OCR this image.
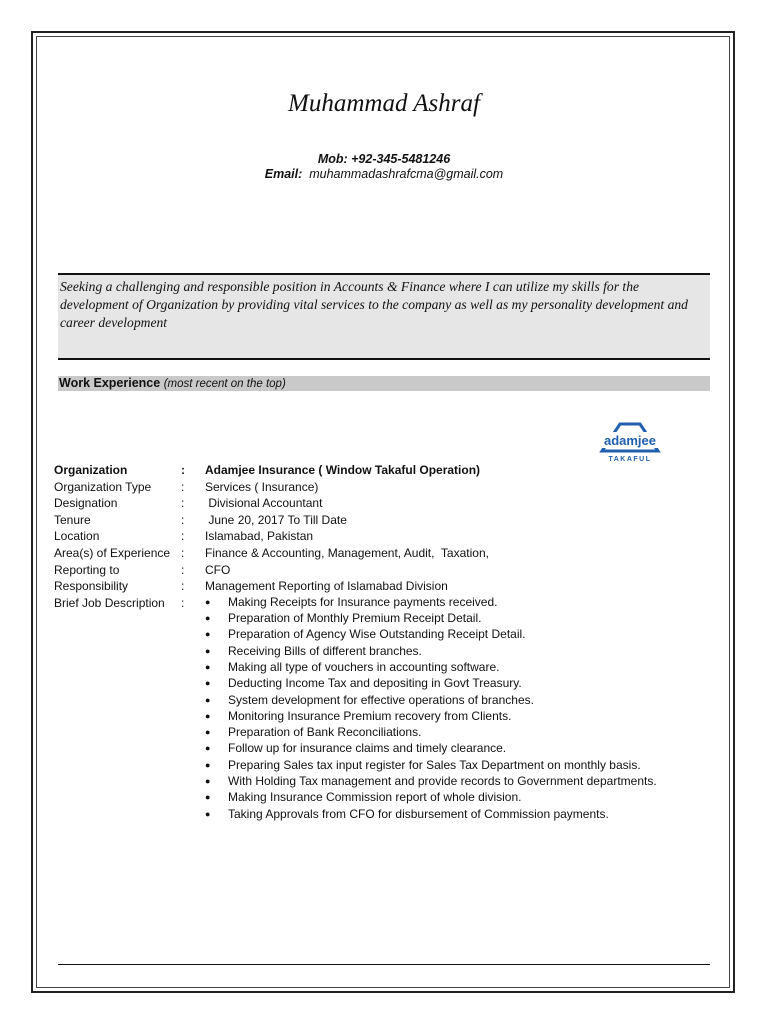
Muhammad Ashraf
Mob: +92-345-5481246
Email: muhammadashrafcma@gmail.com
Seeking a challenging and responsible position in Accounts & Finance where I can utilize my skills for the development of Organization by providing vital services to the company as well as my personality development and career development
Work Experience (most recent on the top)
adamjee
TAKAFUL
Organization	:	Adamjee Insurance ( Window Takaful Operation)
Organization Type	:	Services ( Insurance)
Designation	:	Divisional Accountant
Tenure	:	June 20, 2017 To Till Date
Location	:	Islamabad, Pakistan
Area(s) of Experience :	Finance & Accounting, Management, Audit,  Taxation,
Reporting to	:	CFO
Responsibility	:	Management Reporting of Islamabad Division
Brief Job Description	:	● Making Receipts for Insurance payments received.
● Preparation of Monthly Premium Receipt Detail.
● Preparation of Agency Wise Outstanding Receipt Detail.
● Receiving Bills of different branches.
● Making all type of vouchers in accounting software.
● Deducting Income Tax and depositing in Govt Treasury.
● System development for effective operations of branches.
● Monitoring Insurance Premium recovery from Clients.
● Preparation of Bank Reconciliations.
● Follow up for insurance claims and timely clearance.
● Preparing Sales tax input register for Sales Tax Department on monthly basis.
● With Holding Tax management and provide records to Government departments.
● Making Insurance Commission report of whole division.
● Taking Approvals from CFO for disbursement of Commission payments.
